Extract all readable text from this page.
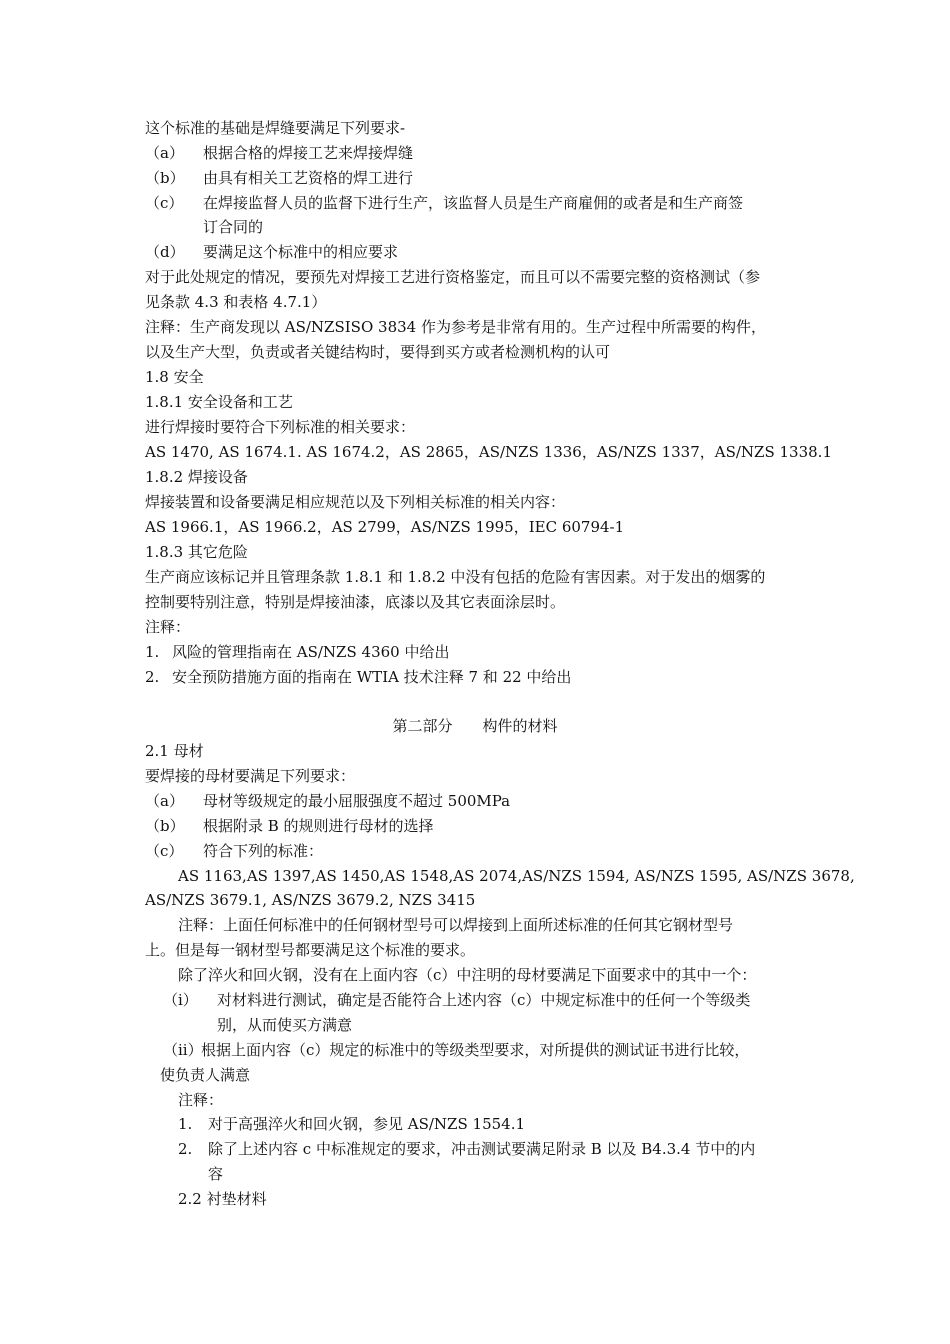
这个标准的基础是焊缝要满足下列要求-
（a） 根据合格的焊接工艺来焊接焊缝
（b） 由具有相关工艺资格的焊工进行
（c） 在焊接监督人员的监督下进行生产，该监督人员是生产商雇佣的或者是和生产商签
订合同的
（d） 要满足这个标准中的相应要求
对于此处规定的情况，要预先对焊接工艺进行资格鉴定，而且可以不需要完整的资格测试（参
见条款 4.3 和表格 4.7.1）
注释：生产商发现以 AS/NZSISO 3834 作为参考是非常有用的。生产过程中所需要的构件，
以及生产大型，负责或者关键结构时，要得到买方或者检测机构的认可
1.8 安全
1.8.1 安全设备和工艺
进行焊接时要符合下列标准的相关要求：
AS 1470, AS 1674.1. AS 1674.2，AS 2865，AS/NZS 1336，AS/NZS 1337，AS/NZS 1338.1
1.8.2 焊接设备
焊接装置和设备要满足相应规范以及下列相关标准的相关内容：
AS 1966.1，AS 1966.2，AS 2799，AS/NZS 1995，IEC 60794-1
1.8.3 其它危险
生产商应该标记并且管理条款 1.8.1 和 1.8.2 中没有包括的危险有害因素。对于发出的烟雾的
控制要特别注意，特别是焊接油漆，底漆以及其它表面涂层时。
注释：
1. 风险的管理指南在 AS/NZS 4360 中给出
2. 安全预防措施方面的指南在 WTIA 技术注释 7 和 22 中给出
第二部分　　构件的材料
2.1 母材
要焊接的母材要满足下列要求：
（a） 母材等级规定的最小屈服强度不超过 500MPa
（b） 根据附录 B 的规则进行母材的选择
（c） 符合下列的标准：
AS 1163,AS 1397,AS 1450,AS 1548,AS 2074,AS/NZS 1594, AS/NZS 1595, AS/NZS 3678,
AS/NZS 3679.1, AS/NZS 3679.2, NZS 3415
注释：上面任何标准中的任何钢材型号可以焊接到上面所述标准的任何其它钢材型号
上。但是每一钢材型号都要满足这个标准的要求。
除了淬火和回火钢，没有在上面内容（c）中注明的母材要满足下面要求中的其中一个：
（i） 对材料进行测试，确定是否能符合上述内容（c）中规定标准中的任何一个等级类
别，从而使买方满意
（ii）
根据上面内容（c）规定的标准中的等级类型要求，对所提供的测试证书进行比较，
使负责人满意
注释：
1. 对于高强淬火和回火钢，参见 AS/NZS 1554.1
2. 除了上述内容 c 中标准规定的要求，冲击测试要满足附录 B 以及 B4.3.4 节中的内
容
2.2 衬垫材料
